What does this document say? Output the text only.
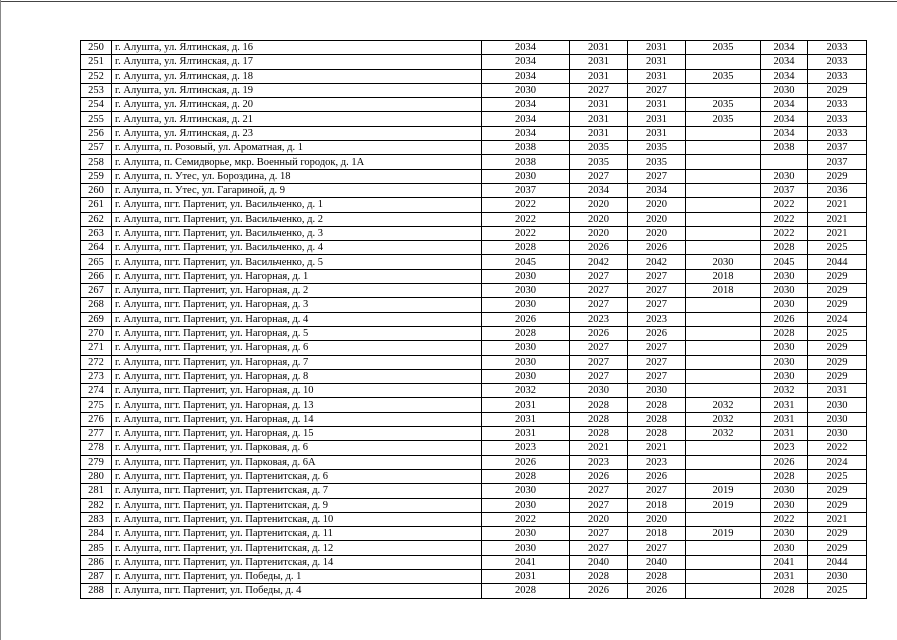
250	г. Алушта, ул. Ялтинская, д. 16	2034	2031	2031	2035	2034	2033
251	г. Алушта, ул. Ялтинская, д. 17	2034	2031	2031		2034	2033
252	г. Алушта, ул. Ялтинская, д. 18	2034	2031	2031	2035	2034	2033
253	г. Алушта, ул. Ялтинская, д. 19	2030	2027	2027		2030	2029
254	г. Алушта, ул. Ялтинская, д. 20	2034	2031	2031	2035	2034	2033
255	г. Алушта, ул. Ялтинская, д. 21	2034	2031	2031	2035	2034	2033
256	г. Алушта, ул. Ялтинская, д. 23	2034	2031	2031		2034	2033
257	г. Алушта, п. Розовый, ул. Ароматная, д. 1	2038	2035	2035		2038	2037
258	г. Алушта, п. Семидворье, мкр. Военный городок, д. 1А	2038	2035	2035			2037
259	г. Алушта, п. Утес, ул. Бороздина, д. 18	2030	2027	2027		2030	2029
260	г. Алушта, п. Утес, ул. Гагариной, д. 9	2037	2034	2034		2037	2036
261	г. Алушта, пгт. Партенит, ул. Васильченко, д. 1	2022	2020	2020		2022	2021
262	г. Алушта, пгт. Партенит, ул. Васильченко, д. 2	2022	2020	2020		2022	2021
263	г. Алушта, пгт. Партенит, ул. Васильченко, д. 3	2022	2020	2020		2022	2021
264	г. Алушта, пгт. Партенит, ул. Васильченко, д. 4	2028	2026	2026		2028	2025
265	г. Алушта, пгт. Партенит, ул. Васильченко, д. 5	2045	2042	2042	2030	2045	2044
266	г. Алушта, пгт. Партенит, ул. Нагорная, д. 1	2030	2027	2027	2018	2030	2029
267	г. Алушта, пгт. Партенит, ул. Нагорная, д. 2	2030	2027	2027	2018	2030	2029
268	г. Алушта, пгт. Партенит, ул. Нагорная, д. 3	2030	2027	2027		2030	2029
269	г. Алушта, пгт. Партенит, ул. Нагорная, д. 4	2026	2023	2023		2026	2024
270	г. Алушта, пгт. Партенит, ул. Нагорная, д. 5	2028	2026	2026		2028	2025
271	г. Алушта, пгт. Партенит, ул. Нагорная, д. 6	2030	2027	2027		2030	2029
272	г. Алушта, пгт. Партенит, ул. Нагорная, д. 7	2030	2027	2027		2030	2029
273	г. Алушта, пгт. Партенит, ул. Нагорная, д. 8	2030	2027	2027		2030	2029
274	г. Алушта, пгт. Партенит, ул. Нагорная, д. 10	2032	2030	2030		2032	2031
275	г. Алушта, пгт. Партенит, ул. Нагорная, д. 13	2031	2028	2028	2032	2031	2030
276	г. Алушта, пгт. Партенит, ул. Нагорная, д. 14	2031	2028	2028	2032	2031	2030
277	г. Алушта, пгт. Партенит, ул. Нагорная, д. 15	2031	2028	2028	2032	2031	2030
278	г. Алушта, пгт. Партенит, ул. Парковая, д. 6	2023	2021	2021		2023	2022
279	г. Алушта, пгт. Партенит, ул. Парковая, д. 6А	2026	2023	2023		2026	2024
280	г. Алушта, пгт. Партенит, ул. Партенитская, д. 6	2028	2026	2026		2028	2025
281	г. Алушта, пгт. Партенит, ул. Партенитская, д. 7	2030	2027	2027	2019	2030	2029
282	г. Алушта, пгт. Партенит, ул. Партенитская, д. 9	2030	2027	2018	2019	2030	2029
283	г. Алушта, пгт. Партенит, ул. Партенитская, д. 10	2022	2020	2020		2022	2021
284	г. Алушта, пгт. Партенит, ул. Партенитская, д. 11	2030	2027	2018	2019	2030	2029
285	г. Алушта, пгт. Партенит, ул. Партенитская, д. 12	2030	2027	2027		2030	2029
286	г. Алушта, пгт. Партенит, ул. Партенитская, д. 14	2041	2040	2040		2041	2044
287	г. Алушта, пгт. Партенит, ул. Победы, д. 1	2031	2028	2028		2031	2030
288	г. Алушта, пгт. Партенит, ул. Победы, д. 4	2028	2026	2026		2028	2025
